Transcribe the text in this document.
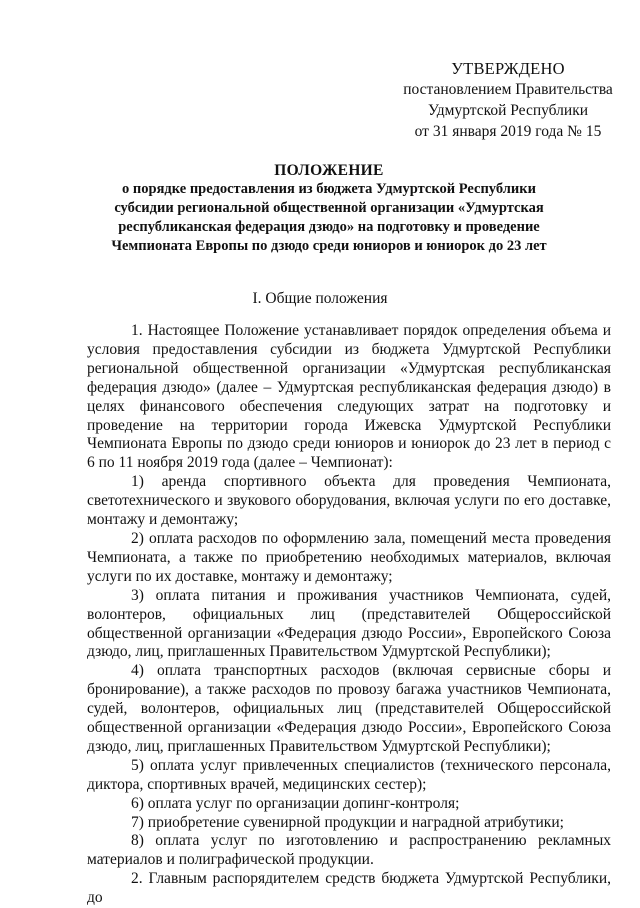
УТВЕРЖДЕНО
постановлением Правительства
Удмуртской Республики
от 31 января 2019 года № 15
ПОЛОЖЕНИЕ
о порядке предоставления из бюджета Удмуртской Республики
субсидии региональной общественной организации «Удмуртская
республиканская федерация дзюдо» на подготовку и проведение
Чемпионата Европы по дзюдо среди юниоров и юниорок до 23 лет
I. Общие положения

1. Настоящее Положение устанавливает порядок определения объема и условия предоставления субсидии из бюджета Удмуртской Республики региональной общественной организации «Удмуртская республиканская федерация дзюдо» (далее – Удмуртская республиканская федерация дзюдо) в целях финансового обеспечения следующих затрат на подготовку и проведение на территории города Ижевска Удмуртской Республики Чемпионата Европы по дзюдо среди юниоров и юниорок до 23 лет в период с 6 по 11 ноября 2019 года (далее – Чемпионат):

1) аренда спортивного объекта для проведения Чемпионата, светотехнического и звукового оборудования, включая услуги по его доставке, монтажу и демонтажу;

2) оплата расходов по оформлению зала, помещений места проведения Чемпионата, а также по приобретению необходимых материалов, включая услуги по их доставке, монтажу и демонтажу;

3) оплата питания и проживания участников Чемпионата, судей, волонтеров, официальных лиц (представителей Общероссийской общественной организации «Федерация дзюдо России», Европейского Союза дзюдо, лиц, приглашенных Правительством Удмуртской Республики);

4) оплата транспортных расходов (включая сервисные сборы и бронирование), а также расходов по провозу багажа участников Чемпионата, судей, волонтеров, официальных лиц (представителей Общероссийской общественной организации «Федерация дзюдо России», Европейского Союза дзюдо, лиц, приглашенных Правительством Удмуртской Республики);

5) оплата услуг привлеченных специалистов (технического персонала, диктора, спортивных врачей, медицинских сестер);

6) оплата услуг по организации допинг-контроля;

7) приобретение сувенирной продукции и наградной атрибутики;

8) оплата услуг по изготовлению и распространению рекламных материалов и полиграфической продукции.

2. Главным распорядителем средств бюджета Удмуртской Республики, до
